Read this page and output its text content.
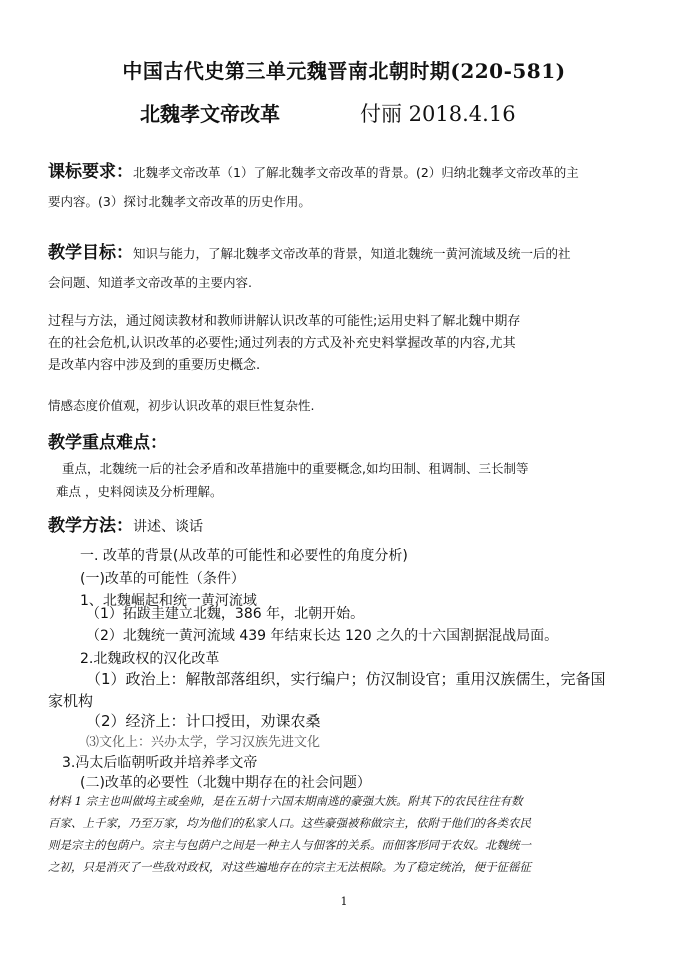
中国古代史第三单元魏晋南北朝时期(220-581)
北魏孝文帝改革	付丽 2018.4.16
课标要求：北魏孝文帝改革（1）了解北魏孝文帝改革的背景。(2）归纳北魏孝文帝改革的主
要内容。(3）探讨北魏孝文帝改革的历史作用。
教学目标：知识与能力，了解北魏孝文帝改革的背景，知道北魏统一黄河流域及统一后的社
会问题、知道孝文帝改革的主要内容.
过程与方法，通过阅读教材和教师讲解认识改革的可能性;运用史料了解北魏中期存
在的社会危机,认识改革的必要性;通过列表的方式及补充史料掌握改革的内容,尤其
是改革内容中涉及到的重要历史概念.
情感态度价值观，初步认识改革的艰巨性复杂性.
教学重点难点：
重点，北魏统一后的社会矛盾和改革措施中的重要概念,如均田制、租调制、三长制等
难点 ，史料阅读及分析理解。
教学方法：讲述、谈话
一. 改革的背景(从改革的可能性和必要性的角度分析)
(一)改革的可能性（条件）
1、北魏崛起和统一黄河流域
（1）拓跋圭建立北魏，386 年，北朝开始。
（2）北魏统一黄河流域 439 年结束长达 120 之久的十六国割据混战局面。
2.北魏政权的汉化改革
（1）政治上：解散部落组织，实行编户；仿汉制设官；重用汉族儒生，完备国
家机构
（2）经济上：计口授田，劝课农桑
⑶文化上：兴办太学，学习汉族先进文化
3.冯太后临朝听政并培养孝文帝
(二)改革的必要性（北魏中期存在的社会问题）
材料 1 宗主也叫做坞主或垒帅，是在五胡十六国末期南逃的豪强大族。附其下的农民往往有数
百家、上千家，乃至万家，均为他们的私家人口。这些豪强被称做宗主，依附于他们的各类农民
则是宗主的包荫户。宗主与包荫户之间是一种主人与佃客的关系。而佃客形同于农奴。北魏统一
之初，只是消灭了一些敌对政权，对这些遍地存在的宗主无法根除。为了稳定统治，便于征徭征
1
